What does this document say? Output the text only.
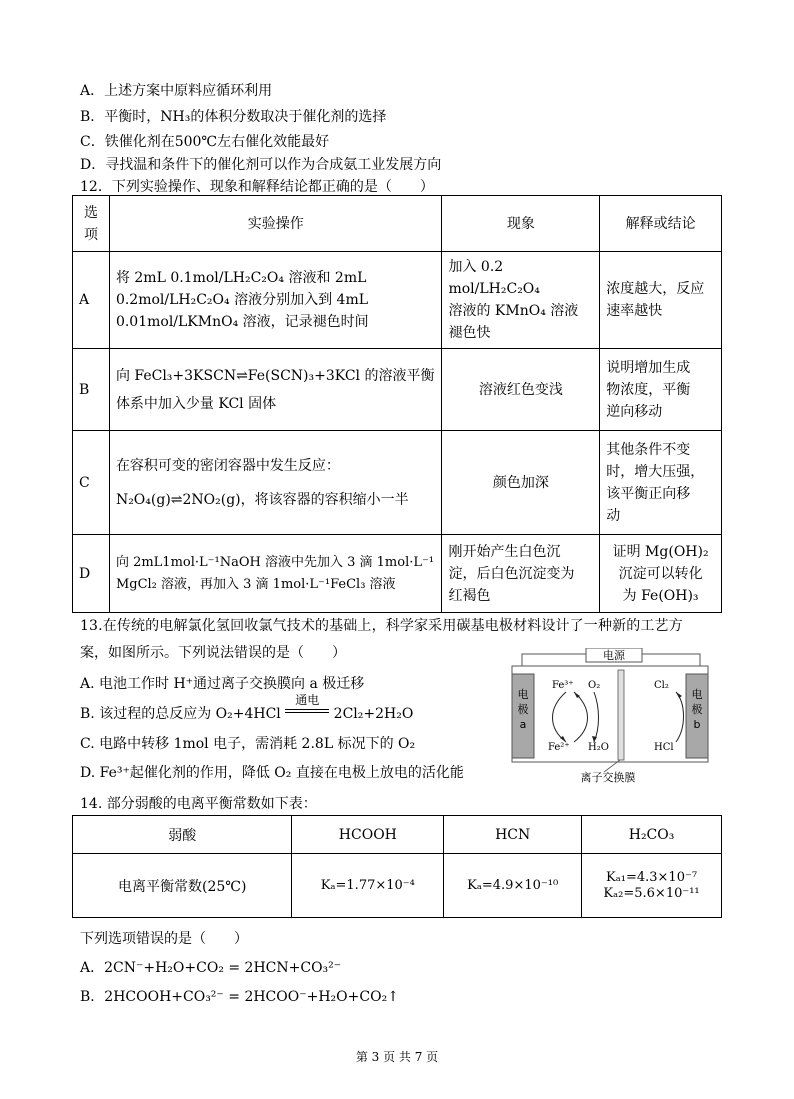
A．上述方案中原料应循环利用
B．平衡时，NH₃的体积分数取决于催化剂的选择
C．铁催化剂在500℃左右催化效能最好
D．寻找温和条件下的催化剂可以作为合成氨工业发展方向
12．下列实验操作、现象和解释结论都正确的是（　　）
选
项	实验操作	现象	解释或结论
A	将 2mL 0.1mol/LH₂C₂O₄ 溶液和 2mL
0.2mol/LH₂C₂O₄ 溶液分别加入到 4mL
0.01mol/LKMnO₄ 溶液，记录褪色时间	加入 0.2 mol/LH₂C₂O₄
溶液的 KMnO₄ 溶液
褪色快	浓度越大，反应
速率越快

B	向 FeCl₃+3KSCN⇌Fe(SCN)₃+3KCl 的溶液平衡
体系中加入少量 KCl 固体	溶液红色变浅	说明增加生成
物浓度，平衡
逆向移动

C	在容积可变的密闭容器中发生反应：
N₂O₄(g)⇌2NO₂(g)，将该容器的容积缩小一半	颜色加深	其他条件不变
时，增大压强，
该平衡正向移
动

D	向 2mL1mol·L⁻¹NaOH 溶液中先加入 3 滴 1mol·L⁻¹
MgCl₂ 溶液，再加入 3 滴 1mol·L⁻¹FeCl₃ 溶液	刚开始产生白色沉
淀，后白色沉淀变为
红褐色	证明 Mg(OH)₂
沉淀可以转化
为 Fe(OH)₃
13.在传统的电解氯化氢回收氯气技术的基础上，科学家采用碳基电极材料设计了一种新的工艺方
案，如图所示。下列说法错误的是（　　）
A. 电池工作时 H⁺通过离子交换膜向 a 极迁移
B. 该过程的总反应为 O₂+4HCl
通电
2Cl₂+2H₂O
C. 电路中转移 1mol 电子，需消耗 2.8L 标况下的 O₂
D. Fe³⁺起催化剂的作用，降低 O₂ 直接在电极上放电的活化能
电源
电
极
a
电
极
b
Fe³⁺ O₂
Fe²⁺ H₂O
Cl₂
HCl
离子交换膜
14. 部分弱酸的电离平衡常数如下表：
弱酸	HCOOH	HCN	H₂CO₃
电离平衡常数(25℃)	Kₐ=1.77×10⁻⁴	Kₐ=4.9×10⁻¹⁰	Kₐ₁=4.3×10⁻⁷
Kₐ₂=5.6×10⁻¹¹
下列选项错误的是（　　）
A．2CN⁻+H₂O+CO₂ = 2HCN+CO₃²⁻
B．2HCOOH+CO₃²⁻ = 2HCOO⁻+H₂O+CO₂↑
第 3 页 共 7 页
